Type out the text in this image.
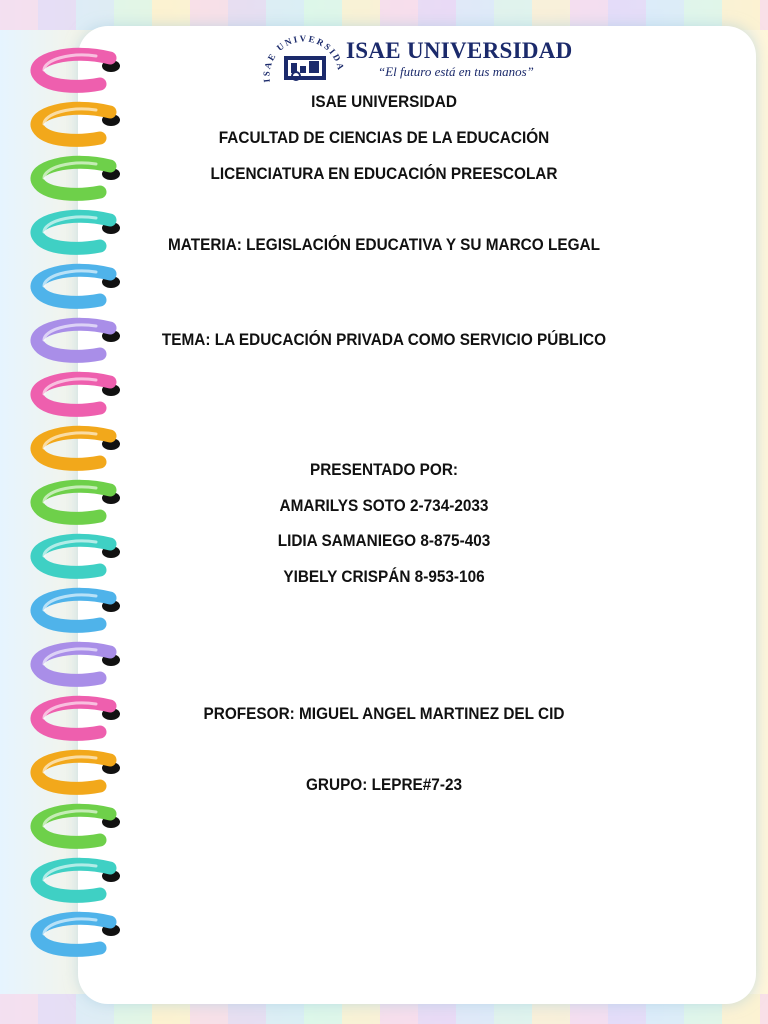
ISAE UNIVERSIDA
ISAE UNIVERSIDAD
“El futuro está en tus manos”
ISAE UNIVERSIDAD
FACULTAD DE CIENCIAS DE LA EDUCACIÓN
LICENCIATURA EN EDUCACIÓN PREESCOLAR
MATERIA: LEGISLACIÓN EDUCATIVA Y SU MARCO LEGAL
TEMA: LA EDUCACIÓN PRIVADA COMO SERVICIO PÚBLICO
PRESENTADO POR:
AMARILYS SOTO 2-734-2033
LIDIA SAMANIEGO 8-875-403
YIBELY CRISPÁN 8-953-106
PROFESOR: MIGUEL ANGEL MARTINEZ DEL CID
GRUPO: LEPRE#7-23
